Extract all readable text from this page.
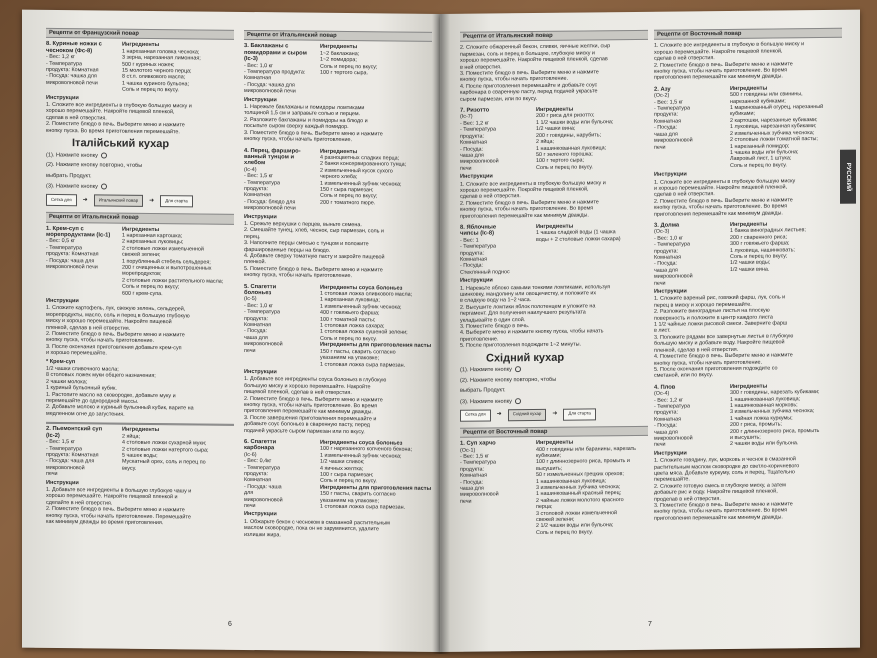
Рецепти от Французский повар
8. Куриные ножки с
чесноком (Фс-8)
- Вес: 1,2 кг
- Температура
продукта: Комнатная
- Посуда: чашка для
микроволновой печи
Ингредиенты
1 нарезанная головка чеснока;
3 зерна, нарезанная лимонная;
500 г куриных ножек;
15 молотого черного перца;
8 ст.л. оливкового масла;
1 чашка куриного бульона;
Соль и перец по вкусу.
Инструкции
1. Сложите все ингредиенты в глубокую большую миску и
хорошо перемешайте. Накройте пищевой пленкой,
сделав в ней отверстия.
2. Поместите блюдо в печь. Выберите меню и нажмите
кнопку пуска. Во время приготовления перемешайте.
Італійський кухар
(1). Нажмите кнопку
(2). Нажмите кнопку повторно, чтобы
выбрать Продукт.
(3). Нажмите кнопку
Сетка для	➜	Итальянский повар	➜	Для старта
Рецепти от Итальянский повар
1. Крем-суп с
морепродуктами (Ic-1)
- Вес: 0,5 кг
- Температура
продукта: Комнатная
- Посуда: чаша для
микроволновой печи
Ингредиенты
1 нарезанная картошка;
2 нарезанных луковицы;
2 столовые ложки измельченной
свежей зелени;
1 порубленный стебель сельдерея;
200 г очищенных и выпотрошенных
морепродуктов;
2 столовые ложки растительного масла;
Соль и перец по вкусу;
600 г крем-супа.
Инструкции
1. Сложите картофель, лук, свежую зелень, сельдерей,
морепродукты, масло, соль и перец в большую глубокую
миску и хорошо перемешайте. Накройте пищевой
пленкой, сделав в ней отверстия.
2. Поместите блюдо в печь. Выберите меню и нажмите
кнопку пуска, чтобы начать приготовление.
3. После окончания приготовления добавьте крем-суп
и хорошо перемешайте.
* Крем-суп
1/2 чашки сливочного масла;
8 столовых ложек муки общего назначения;
2 чашки молока;
1 куриный бульонный кубик.
1. Растопите масло на сковородке, добавьте муку и
перемешайте до однородной массы.
2. Добавьте молоко и куриный бульонный кубик, варите на
медленном огне до загустения.
2. Пьемонтский суп
(Ic-2)
- Вес: 1,5 кг
- Температура
продукта: Комнатная
- Посуда: чаша для
микроволновой
печи
Ингредиенты
2 яйца;
4 столовые ложки сухарной муки;
2 столовые ложки натертого сыра;
5 чашек воды;
Мускатный орех, соль и перец по
вкусу.
Инструкции
1. Добавьте все ингредиенты в большую глубокую чашу и
хорошо перемешайте. Накройте пищевой пленкой и
сделайте в ней отверстия.
2. Поместите блюдо в печь. Выберите меню и нажмите
кнопку пуска, чтобы начать приготовление. Перемешайте
как минимум дважды во время приготовления.
Рецепти от Итальянский повар
3. Баклажаны с
помидорами и сыром
(Ic-3)
- Вес: 1,0 кг
- Температура продукта:
Комнатная
- Посуда: чашка для
микроволновой печи
Ингредиенты
1~2 баклажана;
1~2 помидора;
Соль и перец по вкусу;
100 г тертого сыра.
Инструкции
1. Нарежьте баклажаны и помидоры ломтиками
толщиной 1,5 см и заправьте солью и перцем.
2. Разложите баклажаны и помидоры на блюдо и
посыпьте сыром сверху каждый помидор.
3. Поместите блюдо в печь. Выберите меню и нажмите
кнопку пуска, чтобы начать приготовление.
4. Перец, фарширо-
ванный тунцом и
хлебом
(Ic-4)
- Вес: 1,5 кг
- Температура
продукта:
Комнатная
- Посуда: блюдо для
микроволновой печи
Ингредиенты
4 разноцветных сладких перца;
2 банки консервированного тунца;
2 измельченный кусок сухого
черного хлеба;
1 измельченный зубчик чеснока;
150 г сыра пармезан;
Соль и перец по вкусу;
200 г томатного пюре.
Инструкции
1. Срежьте верхушки с перцев, выньте семена.
2. Смешайте тунец, хлеб, чеснок, сыр пармезан, соль и
перец.
3. Наполните перцы смесью с тунцом и положите
фаршированные перцы на блюдо.
4. Добавьте сверху томатную пасту и закройте пищевой
пленкой.
5. Поместите блюдо в печь. Выберите меню и нажмите
кнопку пуска, чтобы начать приготовление.
5. Спагетти
болоньез
(Ic-5)
- Вес: 1,0 кг
- Температура
продукта:
Комнатная
- Посуда:
чаша для
микроволновой
печи
Ингредиенты соуса болоньез
1 столовая ложка оливкового масла;
1 нарезанная луковица;
1 измельченный зубчик чеснока;
400 г говяжьего фарша;
100 г томатной пасты;
1 столовая ложка сахара;
1 столовая ложка сушеной зелени;
Соль и перец по вкусу.
Ингредиенты для приготовления пасты
150 г пасты, сварить согласно
указаниям на упаковке;
1 столовая ложка сыра пармезан.
Инструкции
1. Добавьте все ингредиенты соуса болоньез в глубокую
большую миску и хорошо перемешайте. Накройте
пищевой пленкой, сделав в ней отверстия.
2. Поместите блюдо в печь. Выберите меню и нажмите
кнопку пуска, чтобы начать приготовление. Во время
приготовления перемешайте как минимум дважды.
3. После завершения приготовления перемешайте и
добавьте соус болоньез в сваренную пасту, перед
подачей украсьте сыром пармезан или по вкусу.
6. Спагетти
карбонара
(Ic-6)
- Вес: 0,4кг
- Температура
продукта:
Комнатная
- Посуда: чаша
для
микроволновой
печи
Ингредиенты соуса болоньез
100 г нарезанного копченого бекона;
1 измельченный зубчик чеснока;
1/2 чашки сливок;
4 яичных желтка;
100 г сыра пармезан;
Соль и перец по вкусу.
Ингредиенты для приготовления пасты
150 г пасты, сварить согласно
указаниям на упаковке;
1 столовая ложка сыра пармезан.
Инструкции
1. Обжарьте бекон с чесноком в смазанной растительным
маслом сковородке, пока он не зарумянится, удалите
излишки жира.
6
РУССКИЙ
Рецепти от Итальянский повар
2. Сложите обжаренный бекон, сливки, яичные желтки, сыр
пармезан, соль и перец в большую, глубокую миску и
хорошо перемешайте. Накройте пищевой пленкой, сделав
в ней отверстия.
3. Поместите блюдо в печь. Выберите меню и нажмите
кнопку пуска, чтобы начать приготовление.
4. После приготовления перемешайте и добавьте соус
карбонара в сваренную пасту, перед подачей украсьте
сыром пармезан, или по вкусу.
7. Ризотто
(Ic-7)
- Вес: 1,2 кг
- Температура
продукта:
Комнатная
- Посуда:
чаша для
микроволновой
печи
Ингредиенты
200 г риса для ризотто;
1 1/2 чашки воды или бульона;
1/2 чашки вина;
200 г говядины, нарубить;
2 яйца;
1 нашинкованная луковица;
50 г зеленого горошка;
100 г тертого сыра;
Соль и перец по вкусу.
Инструкции
1. Сложите все ингредиенты в глубокую большую миску и
хорошо перемешайте. Покройте пищевой пленкой,
сделав в ней отверстия.
2. Поместите блюдо в печь. Выберите меню и нажмите
кнопку пуска, чтобы начать приготовление. Во время
приготовления перемешайте как минимум дважды.
8. Яблочные
чипсы (Ic-8)
- Вес: 1
- Температура
продукта:
Комнатная
- Посуда:
Стеклянный поднос
Ингредиенты
1 чашка сладкой воды (1 чашка
воды + 2 столовые ложки сахара)
Инструкции
1. Нарежьте яблоко самыми тонкими ломтиками, используя
шинковку, мандолину или овощечистку, и положите их
в сладкую воду на 1~2 часа.
2. Высушите ломтики яблок полотенцем и уложите на
пергамент. Для получения наилучшего результата
укладывайте в один слой.
3. Поместите блюдо в печь.
4. Выберите меню и нажмите кнопку пуска, чтобы начать
приготовление.
5. После приготовления подождите 1~2 минуты.
Східний кухар
(1). Нажмите кнопку
(2). Нажмите кнопку повторно, чтобы
выбрать Продукт.
(3). Нажмите кнопку
Сетка для	➜	Східний кухар	➜	Для старта
Рецепти от Восточный повар
1. Суп харчо
(Ос-1)
- Вес: 1,5 кг
- Температура
продукта:
Комнатная
- Посуда:
чаша для
микроволновой
печи
Ингредиенты
400 г говядины или баранины, нарезать
кубиками;
100 г длиннозерного риса, промыть и
высушить;
50 г измельченных грецких орехов;
1 нашинкованная луковица;
3 измельченных зубчика чеснока;
1 нашинкованный красный перец;
2 чайные ложки молотого красного
перца;
3 столовой ложки измельченной
свежей зелени;
2 1/2 чашки воды или бульона;
Соль и перец по вкусу.
Рецепти от Восточный повар
1. Сложите все ингредиенты в глубокую в большую миску и
хорошо перемешайте. Накройте пищевой пленкой,
сделав в ней отверстия.
2. Поместите блюдо в печь. Выберите меню и нажмите
кнопку пуска, чтобы начать приготовление. Во время
приготовления перемешайте как минимум дважды.
2. Азу
(Ос-2)
- Вес: 1,5 кг
- Температура
продукта:
Комнатная
- Посуда:
чаша для
микроволновой
печи
Ингредиенты
500 г говядины или свинины,
нарезанной кубиками;
1 маринованный огурец, нарезанный
кубиками;
2 картошки, нарезанные кубиками;
1 луковица, нарезанная кубиками;
2 измельченных зубчика чеснока;
2 столовые ложки томатной пасты;
1 нарезанный помидор;
1 чашка воды или бульона;
Лавровый лист, 1 штука;
Соль и перец по вкусу.
Инструкции
1. Сложите все ингредиенты в глубокую большую миску
и хорошо перемешайте. Накройте пищевой пленкой,
сделав в ней отверстия.
2. Поместите блюдо в печь. Выберите меню и нажмите
кнопку пуска, чтобы начать приготовление. Во время
приготовления перемешайте как минимум дважды.
3. Долма
(Ос-3)
- Вес: 1,0 кг
- Температура
продукта:
Комнатная
- Посуда:
чаша для
микроволновой
печи
Ингредиенты
1 банка виноградных листьев;
200 г сваренного риса;
300 г говяжьего фарша;
1 луковица, нашинковать;
Соль и перец по вкусу;
1/2 чашки воды;
1/2 чашки вина.
Инструкции
1. Сложите вареный рис, говяжий фарш, лук, соль и
перец в миску и хорошо перемешайте.
2. Разложите виноградные листья на плоскую
поверхность и положите в центр каждого листа
1 1/2 чайные ложки рисовой смеси. Заверните фарш
в лист.
3. Положите рядами все завернутые листья в глубокую
большую миску и добавьте воду. Накройте пищевой
пленкой, сделав в ней отверстия.
4. Поместите блюдо в печь. Выберите меню и нажмите
кнопку пуска, чтобы начать приготовление.
5. После окончания приготовления подождите со
сметаной, или по вкусу.
4. Плов
(Ос-4)
- Вес: 1,2 кг
- Температура
продукта:
Комнатная
- Посуда:
чаша для
микроволновой
печи
Ингредиенты
300 г говядины, нарезать кубиками;
1 нашинкованная луковица;
1 нашинкованная морковь;
3 измельченных зубчика чеснока;
1 чайная ложка куркумы;
200 г риса, промыть;
200 г длиннозерного риса, промыть
и высушить;
2 чашки воды или бульона.
Инструкции
1. Сложите говядину, лук, морковь и чеснок в смазанной
растительным маслом сковородке до светло-коричневого
цвета мяса. Добавьте куркуму, соль и перец. Тщательно
перемешайте.
2. Сложите готовую смесь в глубокую миску, а затем
добавьте рис и воду. Накройте пищевой пленкой,
проделав в ней отверстия.
3. Поместите блюдо в печь. Выберите меню и нажмите
кнопку пуска, чтобы начать приготовление. Во время
приготовления перемешайте как минимум дважды.
7
